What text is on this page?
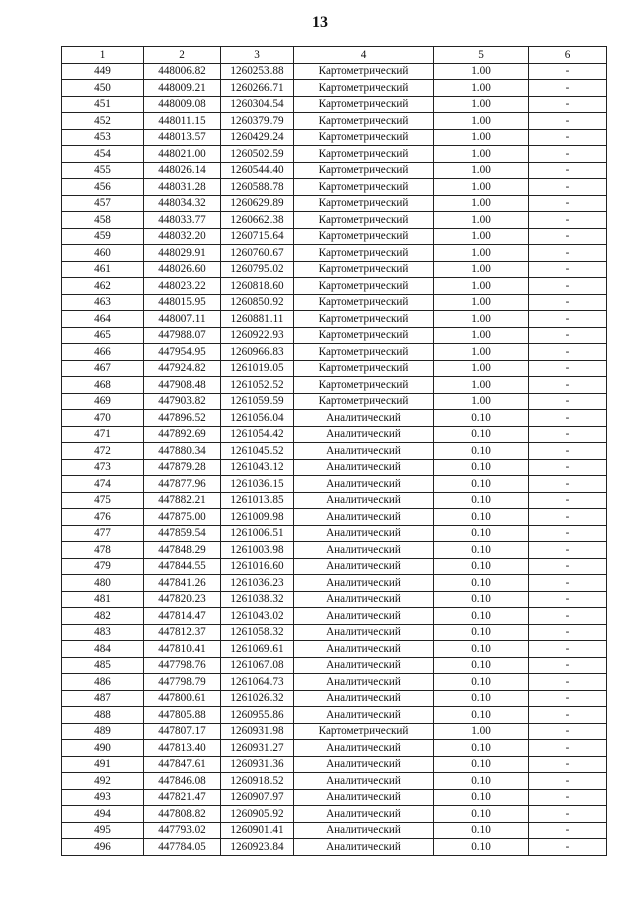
13
1	2	3	4	5	6
449	448006.82	1260253.88	Картометрический	1.00	-
450	448009.21	1260266.71	Картометрический	1.00	-
451	448009.08	1260304.54	Картометрический	1.00	-
452	448011.15	1260379.79	Картометрический	1.00	-
453	448013.57	1260429.24	Картометрический	1.00	-
454	448021.00	1260502.59	Картометрический	1.00	-
455	448026.14	1260544.40	Картометрический	1.00	-
456	448031.28	1260588.78	Картометрический	1.00	-
457	448034.32	1260629.89	Картометрический	1.00	-
458	448033.77	1260662.38	Картометрический	1.00	-
459	448032.20	1260715.64	Картометрический	1.00	-
460	448029.91	1260760.67	Картометрический	1.00	-
461	448026.60	1260795.02	Картометрический	1.00	-
462	448023.22	1260818.60	Картометрический	1.00	-
463	448015.95	1260850.92	Картометрический	1.00	-
464	448007.11	1260881.11	Картометрический	1.00	-
465	447988.07	1260922.93	Картометрический	1.00	-
466	447954.95	1260966.83	Картометрический	1.00	-
467	447924.82	1261019.05	Картометрический	1.00	-
468	447908.48	1261052.52	Картометрический	1.00	-
469	447903.82	1261059.59	Картометрический	1.00	-
470	447896.52	1261056.04	Аналитический	0.10	-
471	447892.69	1261054.42	Аналитический	0.10	-
472	447880.34	1261045.52	Аналитический	0.10	-
473	447879.28	1261043.12	Аналитический	0.10	-
474	447877.96	1261036.15	Аналитический	0.10	-
475	447882.21	1261013.85	Аналитический	0.10	-
476	447875.00	1261009.98	Аналитический	0.10	-
477	447859.54	1261006.51	Аналитический	0.10	-
478	447848.29	1261003.98	Аналитический	0.10	-
479	447844.55	1261016.60	Аналитический	0.10	-
480	447841.26	1261036.23	Аналитический	0.10	-
481	447820.23	1261038.32	Аналитический	0.10	-
482	447814.47	1261043.02	Аналитический	0.10	-
483	447812.37	1261058.32	Аналитический	0.10	-
484	447810.41	1261069.61	Аналитический	0.10	-
485	447798.76	1261067.08	Аналитический	0.10	-
486	447798.79	1261064.73	Аналитический	0.10	-
487	447800.61	1261026.32	Аналитический	0.10	-
488	447805.88	1260955.86	Аналитический	0.10	-
489	447807.17	1260931.98	Картометрический	1.00	-
490	447813.40	1260931.27	Аналитический	0.10	-
491	447847.61	1260931.36	Аналитический	0.10	-
492	447846.08	1260918.52	Аналитический	0.10	-
493	447821.47	1260907.97	Аналитический	0.10	-
494	447808.82	1260905.92	Аналитический	0.10	-
495	447793.02	1260901.41	Аналитический	0.10	-
496	447784.05	1260923.84	Аналитический	0.10	-
